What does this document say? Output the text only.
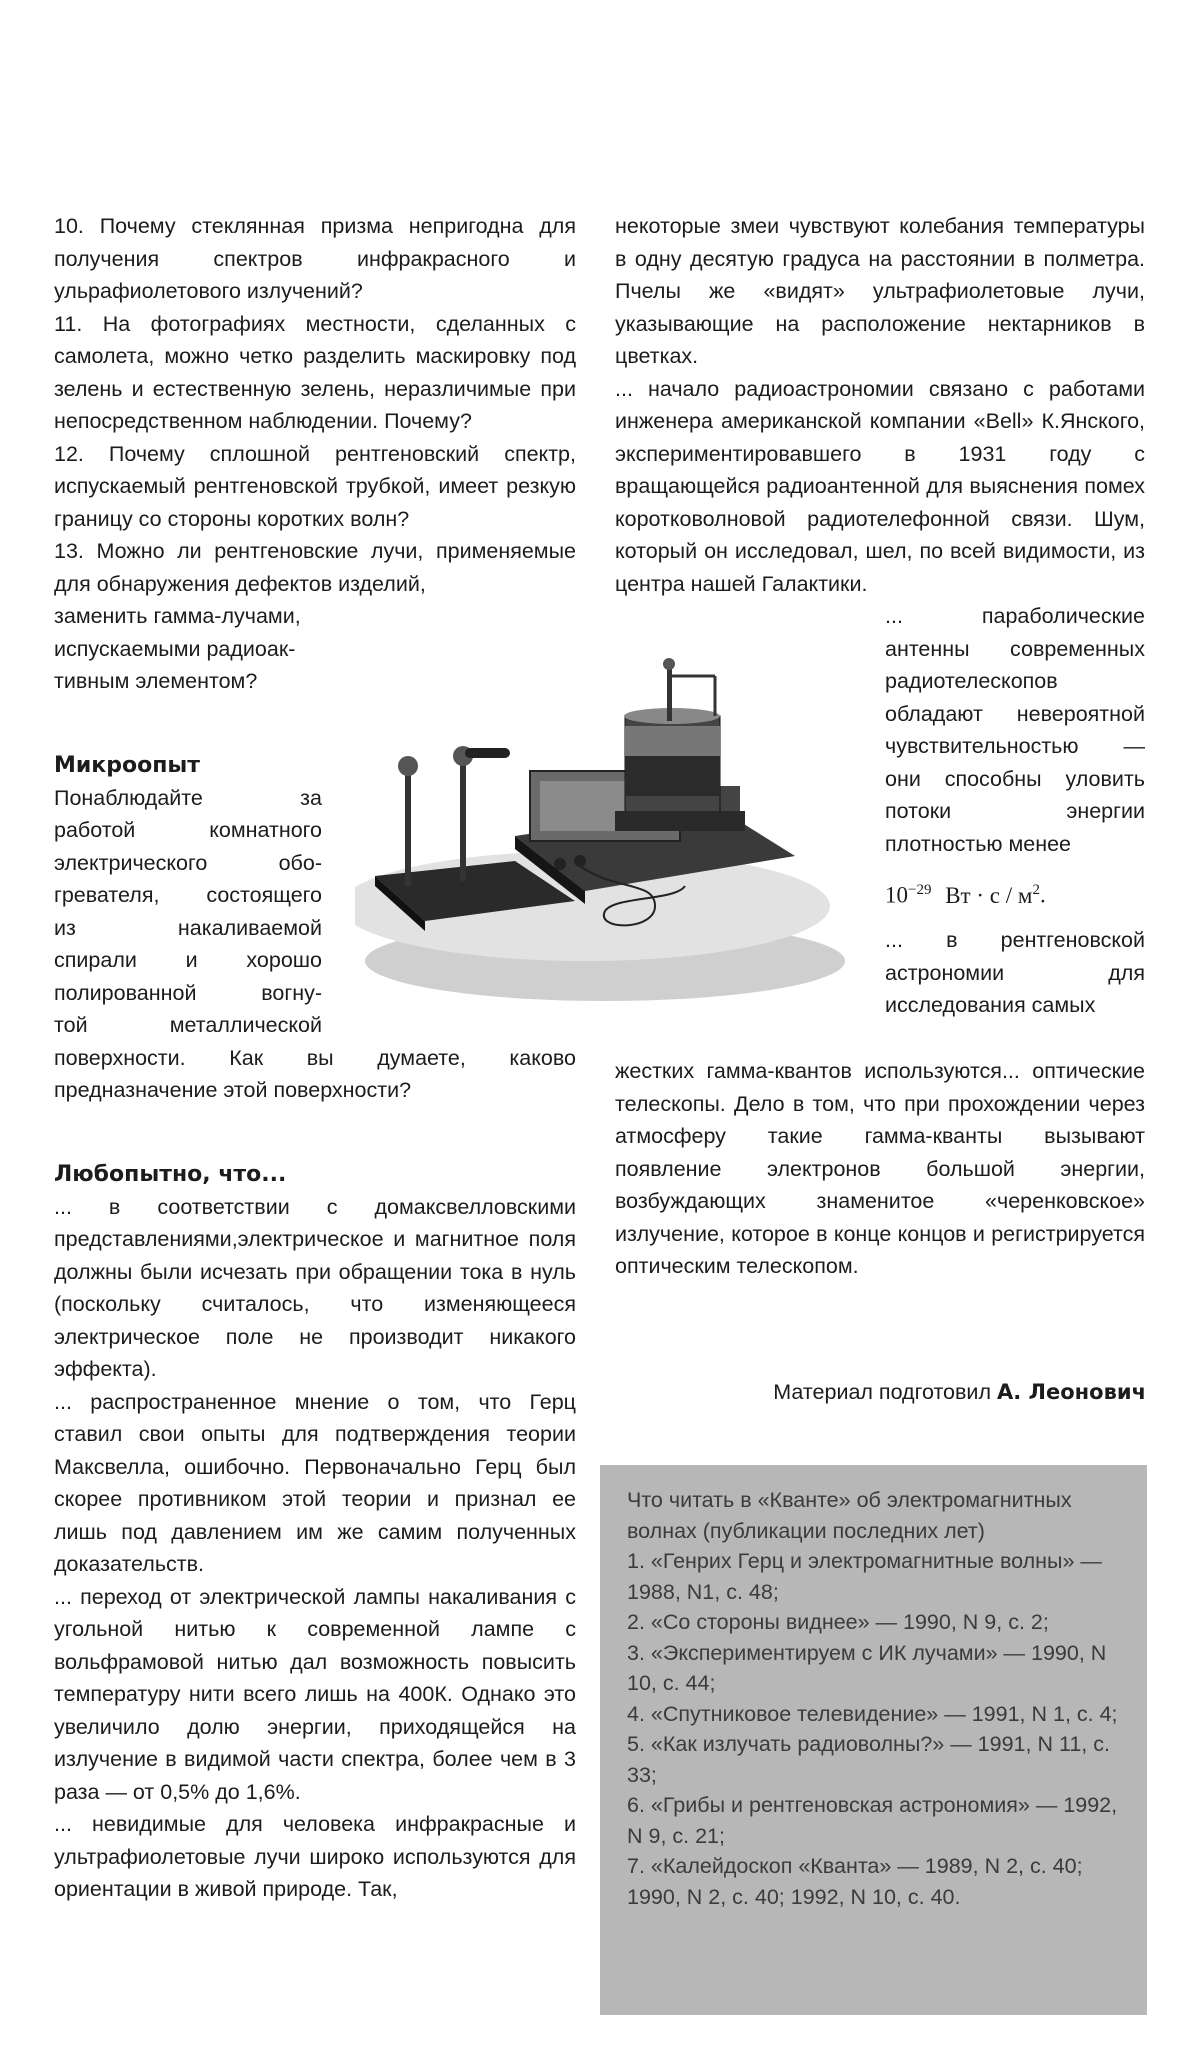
10. Почему стеклянная призма непригодна для получения спектров инфракрасного и ульрафиолетового излучений?

11. На фотографиях местности, сделанных с самолета, можно четко разделить маскировку под зелень и естественную зелень, неразличимые при непосредственном наблюдении. Почему?

12. Почему сплошной рентгеновский спектр, испускаемый рентгеновской трубкой, имеет резкую границу со стороны коротких волн?

13. Можно ли рентгеновские лучи, применяемые для обнаружения дефектов изделий,

заменить гамма-лучами,
испускаемыми радиоак-
тивным элементом?
Микроопыт

Понаблюдайте за

работой комнатного

электрического обо-

гревателя, состоящего

из накаливаемой

спирали и хорошо

полированной вогну-

той металлической

поверхности. Как вы думаете, каково предназначение этой поверхности?

Любопытно, что...

... в соответствии с домаксвелловскими представлениями,электрическое и магнитное поля должны были исчезать при обращении тока в нуль (поскольку считалось, что изменяющееся электрическое поле не производит никакого эффекта).

... распространенное мнение о том, что Герц ставил свои опыты для подтверждения теории Максвелла, ошибочно. Первоначально Герц был скорее противником этой теории и признал ее лишь под давлением им же самим полученных доказательств.

... переход от электрической лампы накаливания с угольной нитью к современной лампе с вольфрамовой нитью дал возможность повысить температуру нити всего лишь на 400К. Однако это увеличило долю энергии, приходящейся на излучение в видимой части спектра, более чем в 3 раза — от 0,5% до 1,6%.

... невидимые для человека инфракрасные и ультрафиолетовые лучи широко используются для ориентации в живой природе. Так,

некоторые змеи чувствуют колебания температуры в одну десятую градуса на расстоянии в полметра. Пчелы же «видят» ультрафиолетовые лучи, указывающие на расположение нектарников в цветках.

... начало радиоастрономии связано с работами инженера американской компании «Bell» К.Янского, экспериментировавшего в 1931 году с вращающейся радиоантенной для выяснения помех коротковолновой радиотелефонной связи. Шум, который он исследовал, шел, по всей видимости, из центра нашей Галактики.

... параболические антенны современных радиотелескопов обладают невероятной чувствительностью — они способны уловить потоки энергии плотностью менее

$10^{-29}$ Вт · с / $м^2$.

... в рентгеновской астрономии для исследования самых

жестких гамма-квантов используются... оптические телескопы. Дело в том, что при прохождении через атмосферу такие гамма-кванты вызывают появление электронов большой энергии, возбуждающих знаменитое «черенковское» излучение, которое в конце концов и регистрируется оптическим телескопом.

Материал подготовил А. Леонович
Что читать в «Кванте» об электромагнитных волнах (публикации последних лет)
1. «Генрих Герц и электромагнитные волны» — 1988, N1, с. 48;
2. «Со стороны виднее» — 1990, N 9, с. 2;
3. «Экспериментируем с ИК лучами» — 1990, N 10, с. 44;
4. «Спутниковое телевидение» — 1991, N 1, с. 4;
5. «Как излучать радиоволны?» — 1991, N 11, с. 33;
6. «Грибы и рентгеновская астрономия» — 1992, N 9, с. 21;
7. «Калейдоскоп «Кванта» — 1989, N 2, с. 40; 1990, N 2, с. 40; 1992, N 10, с. 40.
